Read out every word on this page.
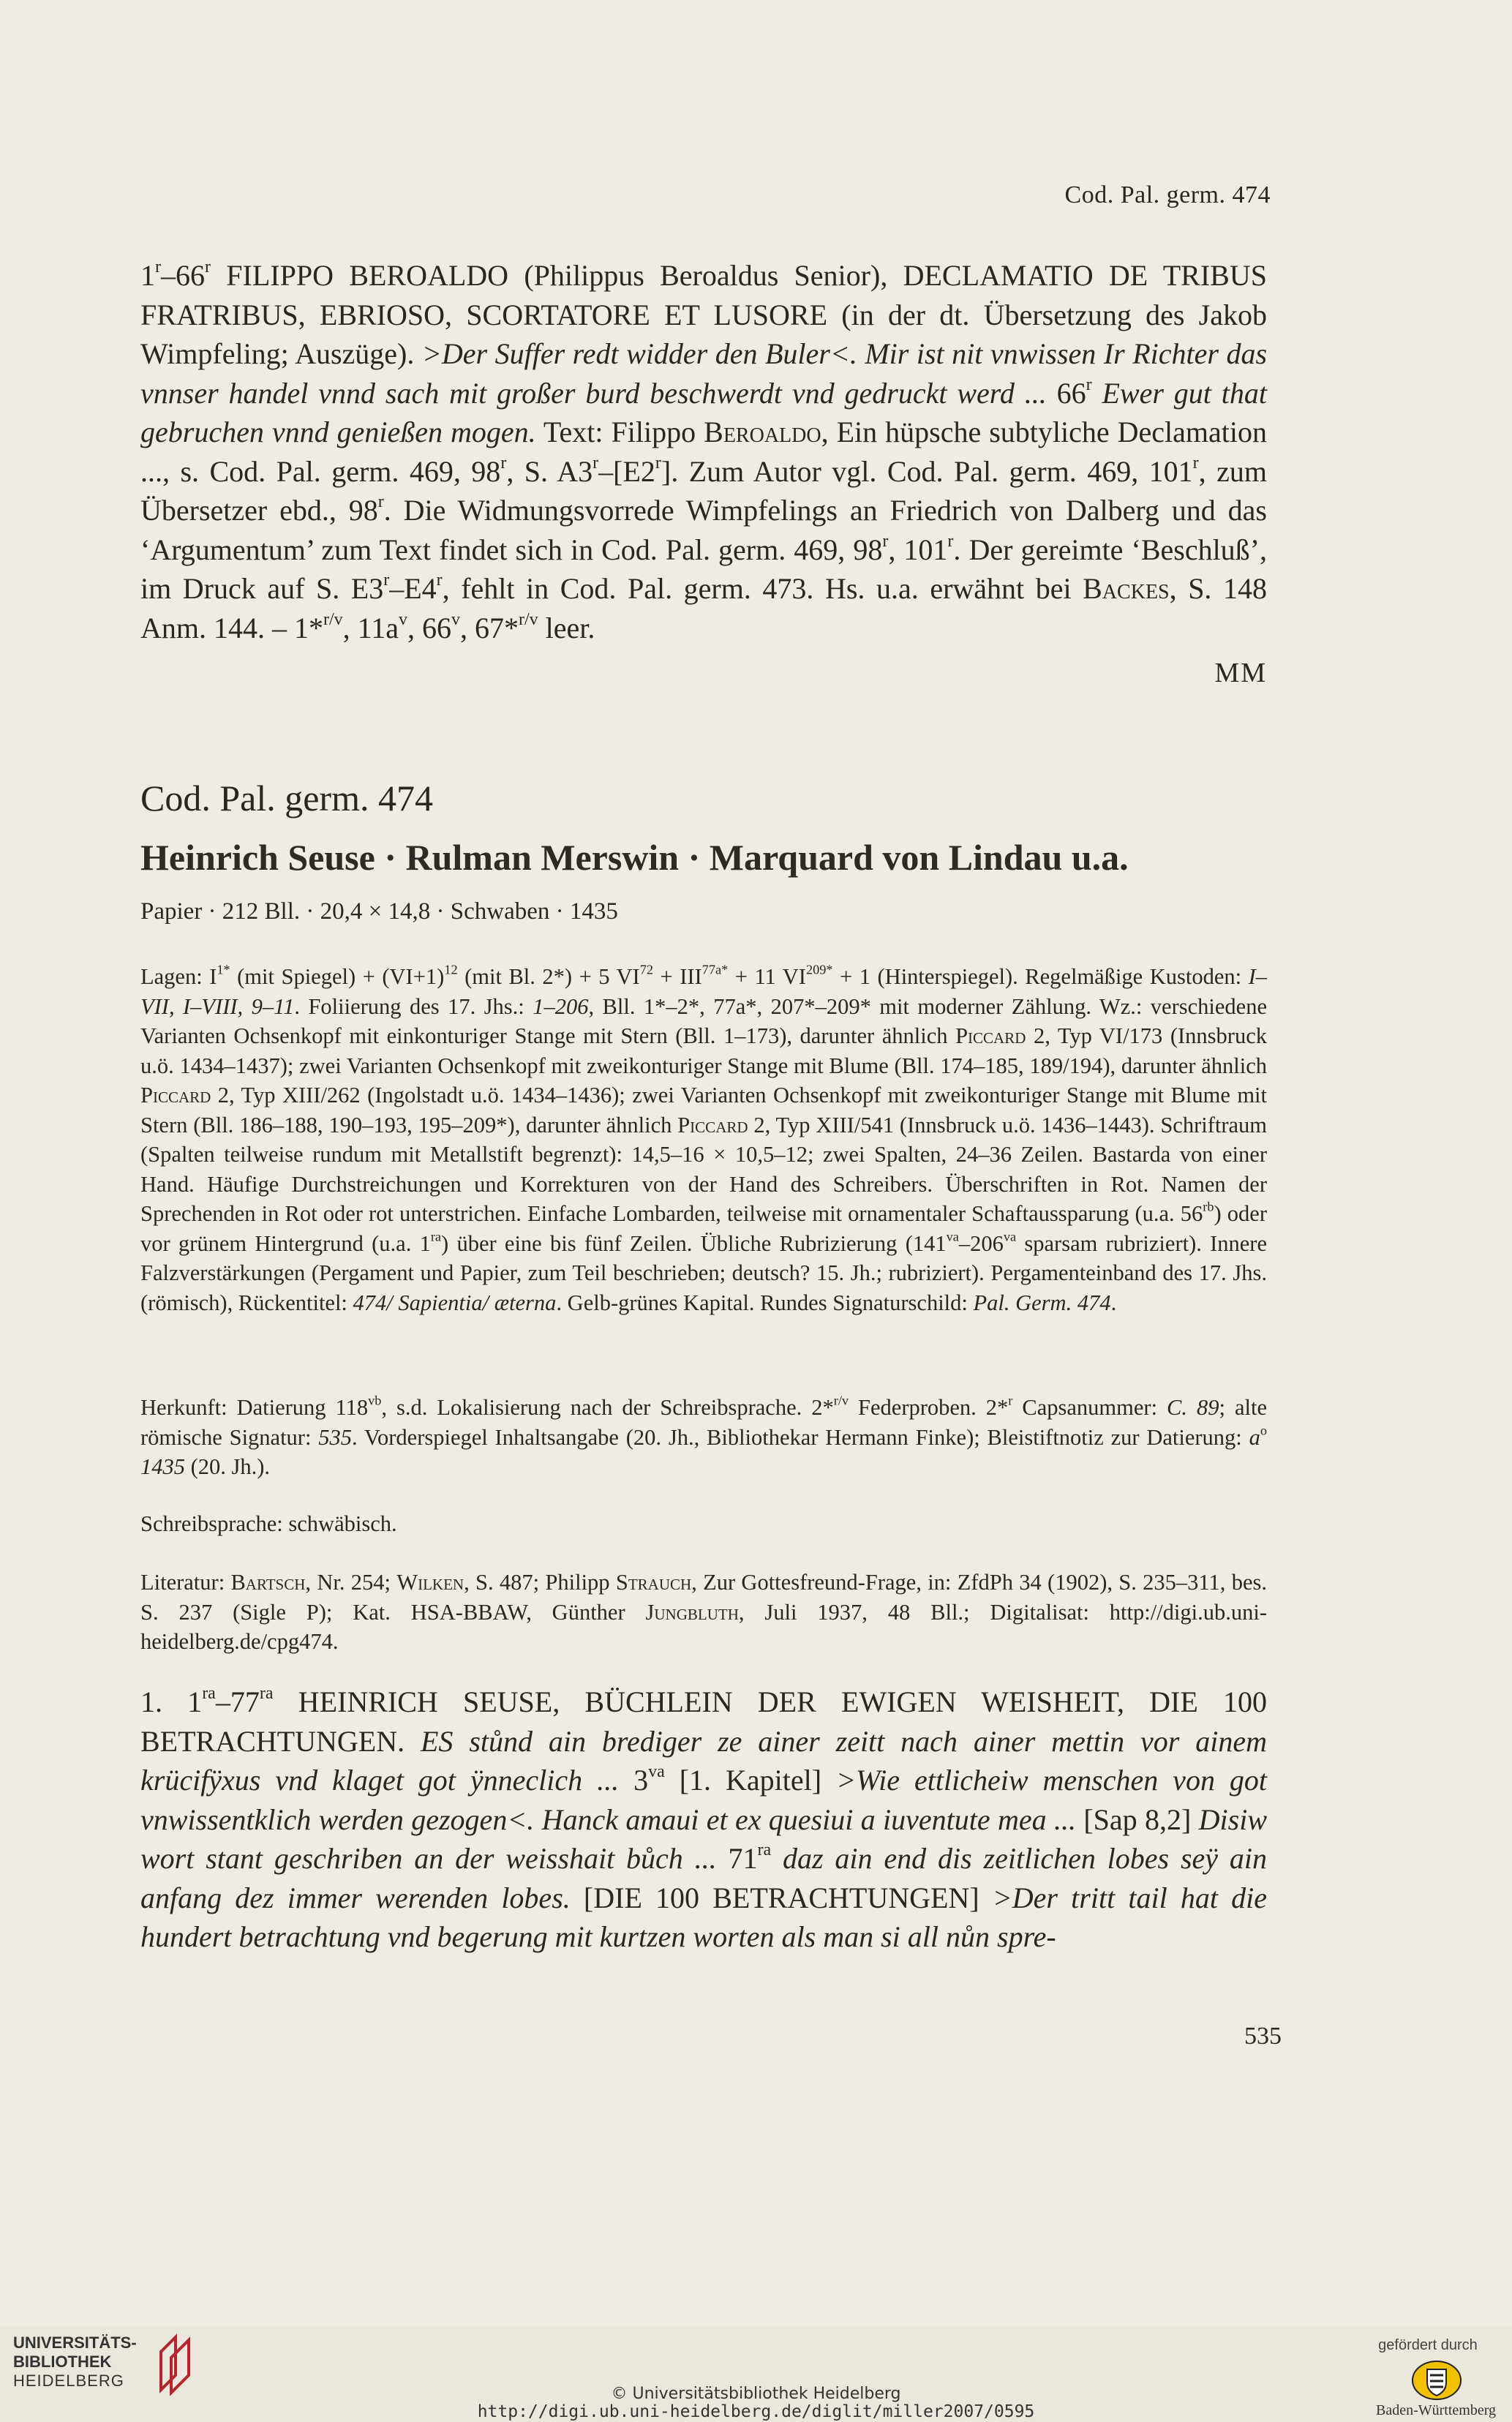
Cod. Pal. germ. 474

1$^r$–66$^r$ FILIPPO BEROALDO (Philippus Beroaldus Senior), DECLAMATIO DE TRIBUS FRATRIBUS, EBRIOSO, SCORTATORE ET LUSORE (in der dt. Übersetzung des Jakob Wimpfeling; Auszüge). >Der Suffer redt widder den Buler<. Mir ist nit vnwissen Ir Richter das vnnser handel vnnd sach mit großer burd beschwerdt vnd gedruckt werd ... 66$^r$ Ewer gut that gebruchen vnnd genießen mogen. Text: Filippo Beroaldo, Ein hüpsche subtyliche Declamation ..., s. Cod. Pal. germ. 469, 98$^r$, S. A3$^r$–[E2$^r$]. Zum Autor vgl. Cod. Pal. germ. 469, 101$^r$, zum Übersetzer ebd., 98$^r$. Die Widmungsvorrede Wimpfelings an Friedrich von Dalberg und das ‘Argumentum’ zum Text findet sich in Cod. Pal. germ. 469, 98$^r$, 101$^r$. Der gereimte ‘Beschluß’, im Druck auf S. E3$^r$–E4$^r$, fehlt in Cod. Pal. germ. 473. Hs. u.a. erwähnt bei Backes, S. 148 Anm. 144. – 1*$^{r/v}$, $11a^v$, 66$^v$, 67*$^{r/v}$ leer.

MM
Cod. Pal. germ. 474
Heinrich Seuse · Rulman Merswin · Marquard von Lindau u.a.
Papier · 212 Bll. · 20,4 × 14,8 · Schwaben · 1435

Lagen: $I^{1*}$ (mit Spiegel) + $(VI+1)^{12}$ (mit Bl. 2*) + 5 $VI^{72} + III^{77a*} + 11$ $VI^{209*} + 1$ (Hinterspiegel). Regelmäßige Kustoden: I–VII, I–VIII, 9–11. Foliierung des 17. Jhs.: 1–206, Bll. 1*–2*, 77a*, 207*–209* mit moderner Zählung. Wz.: verschiedene Varianten Ochsenkopf mit einkonturiger Stange mit Stern (Bll. 1–173), darunter ähnlich Piccard 2, Typ VI/173 (Innsbruck u.ö. 1434–1437); zwei Varianten Ochsenkopf mit zweikonturiger Stange mit Blume (Bll. 174–185, 189/194), darunter ähnlich Piccard 2, Typ XIII/262 (Ingolstadt u.ö. 1434–1436); zwei Varianten Ochsenkopf mit zweikonturiger Stange mit Blume mit Stern (Bll. 186–188, 190–193, 195–209*), darunter ähnlich Piccard 2, Typ XIII/541 (Innsbruck u.ö. 1436–1443). Schriftraum (Spalten teilweise rundum mit Metallstift begrenzt): 14,5–16 × 10,5–12; zwei Spalten, 24–36 Zeilen. Bastarda von einer Hand. Häufige Durchstreichungen und Korrekturen von der Hand des Schreibers. Überschriften in Rot. Namen der Sprechenden in Rot oder rot unterstrichen. Einfache Lombarden, teilweise mit ornamentaler Schaftaussparung (u.a. $56^{rb}$) oder vor grünem Hintergrund (u.a. $1^{ra}$) über eine bis fünf Zeilen. Übliche Rubrizierung ($141^{va}-206^{va}$ sparsam rubriziert). Innere Falzverstärkungen (Pergament und Papier, zum Teil beschrieben; deutsch? 15. Jh.; rubriziert). Pergamenteinband des 17. Jhs. (römisch), Rückentitel: 474/ Sapientia/ æterna. Gelb-grünes Kapital. Rundes Signaturschild: Pal. Germ. 474.

Herkunft: Datierung $118^{vb}$, s.d. Lokalisierung nach der Schreibsprache. 2*$^{r/v}$ Federproben. 2*$^r$ Capsanummer: C. 89; alte römische Signatur: 535. Vorderspiegel Inhaltsangabe (20. Jh., Bibliothekar Hermann Finke); Bleistiftnotiz zur Datierung: $a^o$ 1435 (20. Jh.).

Schreibsprache: schwäbisch.

Literatur: Bartsch, Nr. 254; Wilken, S. 487; Philipp Strauch, Zur Gottesfreund-Frage, in: ZfdPh 34 (1902), S. 235–311, bes. S. 237 (Sigle P); Kat. HSA-BBAW, Günther Jungbluth, Juli 1937, 48 Bll.; Digitalisat: http://digi.ub.uni-heidelberg.de/cpg474.

1. $1^{ra}-77^{ra}$ HEINRICH SEUSE, BÜCHLEIN DER EWIGEN WEISHEIT, DIE 100 BETRACHTUNGEN. ES stůnd ain brediger ze ainer zeitt nach ainer mettin vor ainem krücifÿxus vnd klaget got ÿnneclich ... $3^{va}$ [1. Kapitel] >Wie ettlicheiw menschen von got vnwissentklich werden gezogen<. Hanck amaui et ex quesiui a iuventute mea ... [Sap 8,2] Disiw wort stant geschriben an der weisshait bůch ... $71^{ra}$ daz ain end dis zeitlichen lobes seÿ ain anfang dez immer werenden lobes. [DIE 100 BETRACHTUNGEN] >Der tritt tail hat die hundert betrachtung vnd begerung mit kurtzen worten als man si all nůn spre-

535
UNIVERSITÄTS-
BIBLIOTHEK
HEIDELBERG
© Universitätsbibliothek Heidelberg
http://digi.ub.uni-heidelberg.de/diglit/miller2007/0595
gefördert durch
Baden-Württemberg
